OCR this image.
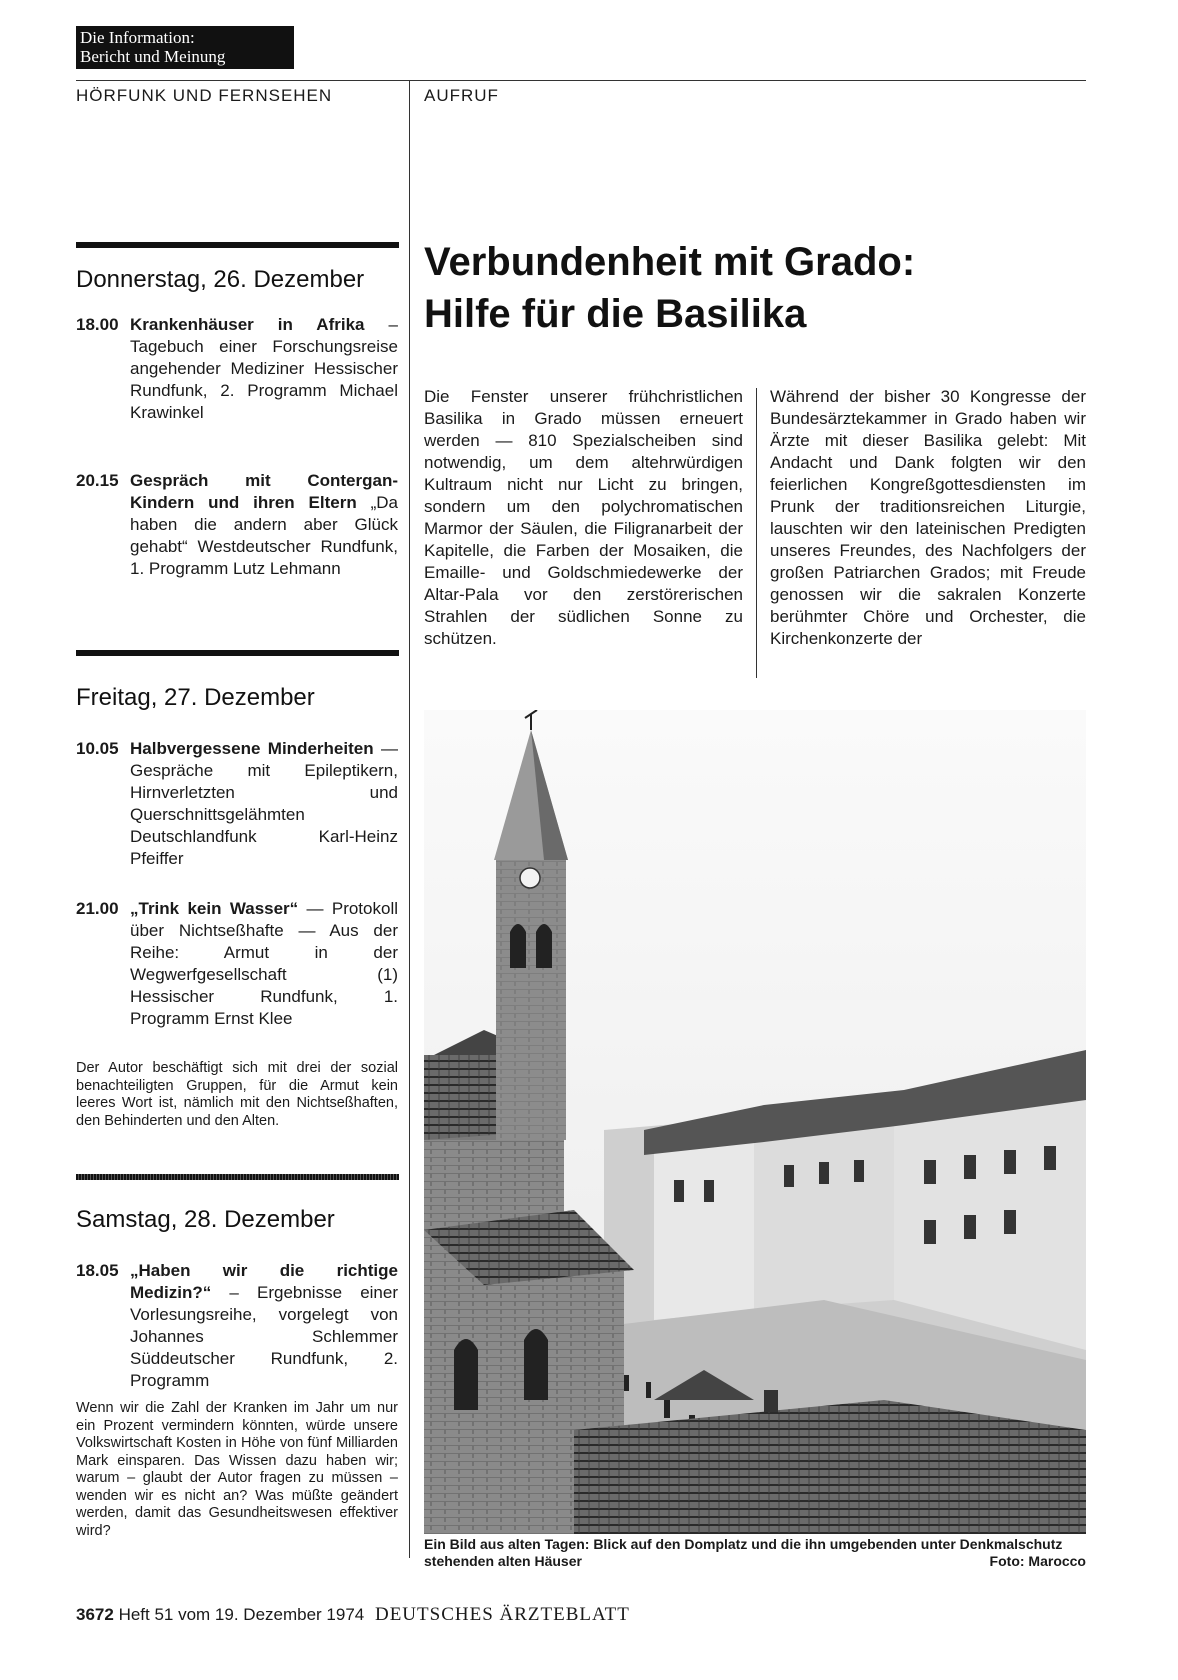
Die Information:
Bericht und Meinung
HÖRFUNK UND FERNSEHEN	AUFRUF
Donnerstag, 26. Dezember
18.00 Krankenhäuser in Afrika – Tagebuch einer Forschungsreise angehender Mediziner Hessischer Rundfunk, 2. Programm Michael Krawinkel
20.15 Gespräch mit Contergan-Kindern und ihren Eltern „Da haben die andern aber Glück gehabt“ Westdeutscher Rundfunk, 1. Programm Lutz Lehmann
Freitag, 27. Dezember
10.05 Halbvergessene Minderheiten — Gespräche mit Epileptikern, Hirnverletzten und Querschnittsgelähmten Deutschlandfunk Karl-Heinz Pfeiffer
21.00 „Trink kein Wasser“ — Protokoll über Nichtseßhafte — Aus der Reihe: Armut in der Wegwerfgesellschaft (1) Hessischer Rundfunk, 1. Programm Ernst Klee
Der Autor beschäftigt sich mit drei der sozial benachteiligten Gruppen, für die Armut kein leeres Wort ist, nämlich mit den Nichtseßhaften, den Behinderten und den Alten.
Samstag, 28. Dezember
18.05 „Haben wir die richtige Medizin?“ – Ergebnisse einer Vorlesungsreihe, vorgelegt von Johannes Schlemmer Süddeutscher Rundfunk, 2. Programm
Wenn wir die Zahl der Kranken im Jahr um nur ein Prozent vermindern könnten, würde unsere Volkswirtschaft Kosten in Höhe von fünf Milliarden Mark einsparen. Das Wissen dazu haben wir; warum – glaubt der Autor fragen zu müssen – wenden wir es nicht an? Was müßte geändert werden, damit das Gesundheitswesen effektiver wird?
Verbundenheit mit Grado:
Hilfe für die Basilika
Die Fenster unserer frühchristlichen Basilika in Grado müssen erneuert werden — 810 Spezialscheiben sind notwendig, um dem altehrwürdigen Kultraum nicht nur Licht zu bringen, sondern um den polychromatischen Marmor der Säulen, die Filigranarbeit der Kapitelle, die Farben der Mosaiken, die Emaille- und Goldschmiedewerke der Altar-Pala vor den zerstörerischen Strahlen der südlichen Sonne zu schützen.
Während der bisher 30 Kongresse der Bundesärztekammer in Grado haben wir Ärzte mit dieser Basilika gelebt: Mit Andacht und Dank folgten wir den feierlichen Kongreßgottesdiensten im Prunk der traditionsreichen Liturgie, lauschten wir den lateinischen Predigten unseres Freundes, des Nachfolgers der großen Patriarchen Grados; mit Freude genossen wir die sakralen Konzerte berühmter Chöre und Orchester, die Kirchenkonzerte der
Ein Bild aus alten Tagen: Blick auf den Domplatz und die ihn umgebenden unter Denkmalschutz stehenden alten Häuser	Foto: Marocco
3672 Heft 51 vom 19. Dezember 1974 DEUTSCHES ÄRZTEBLATT
